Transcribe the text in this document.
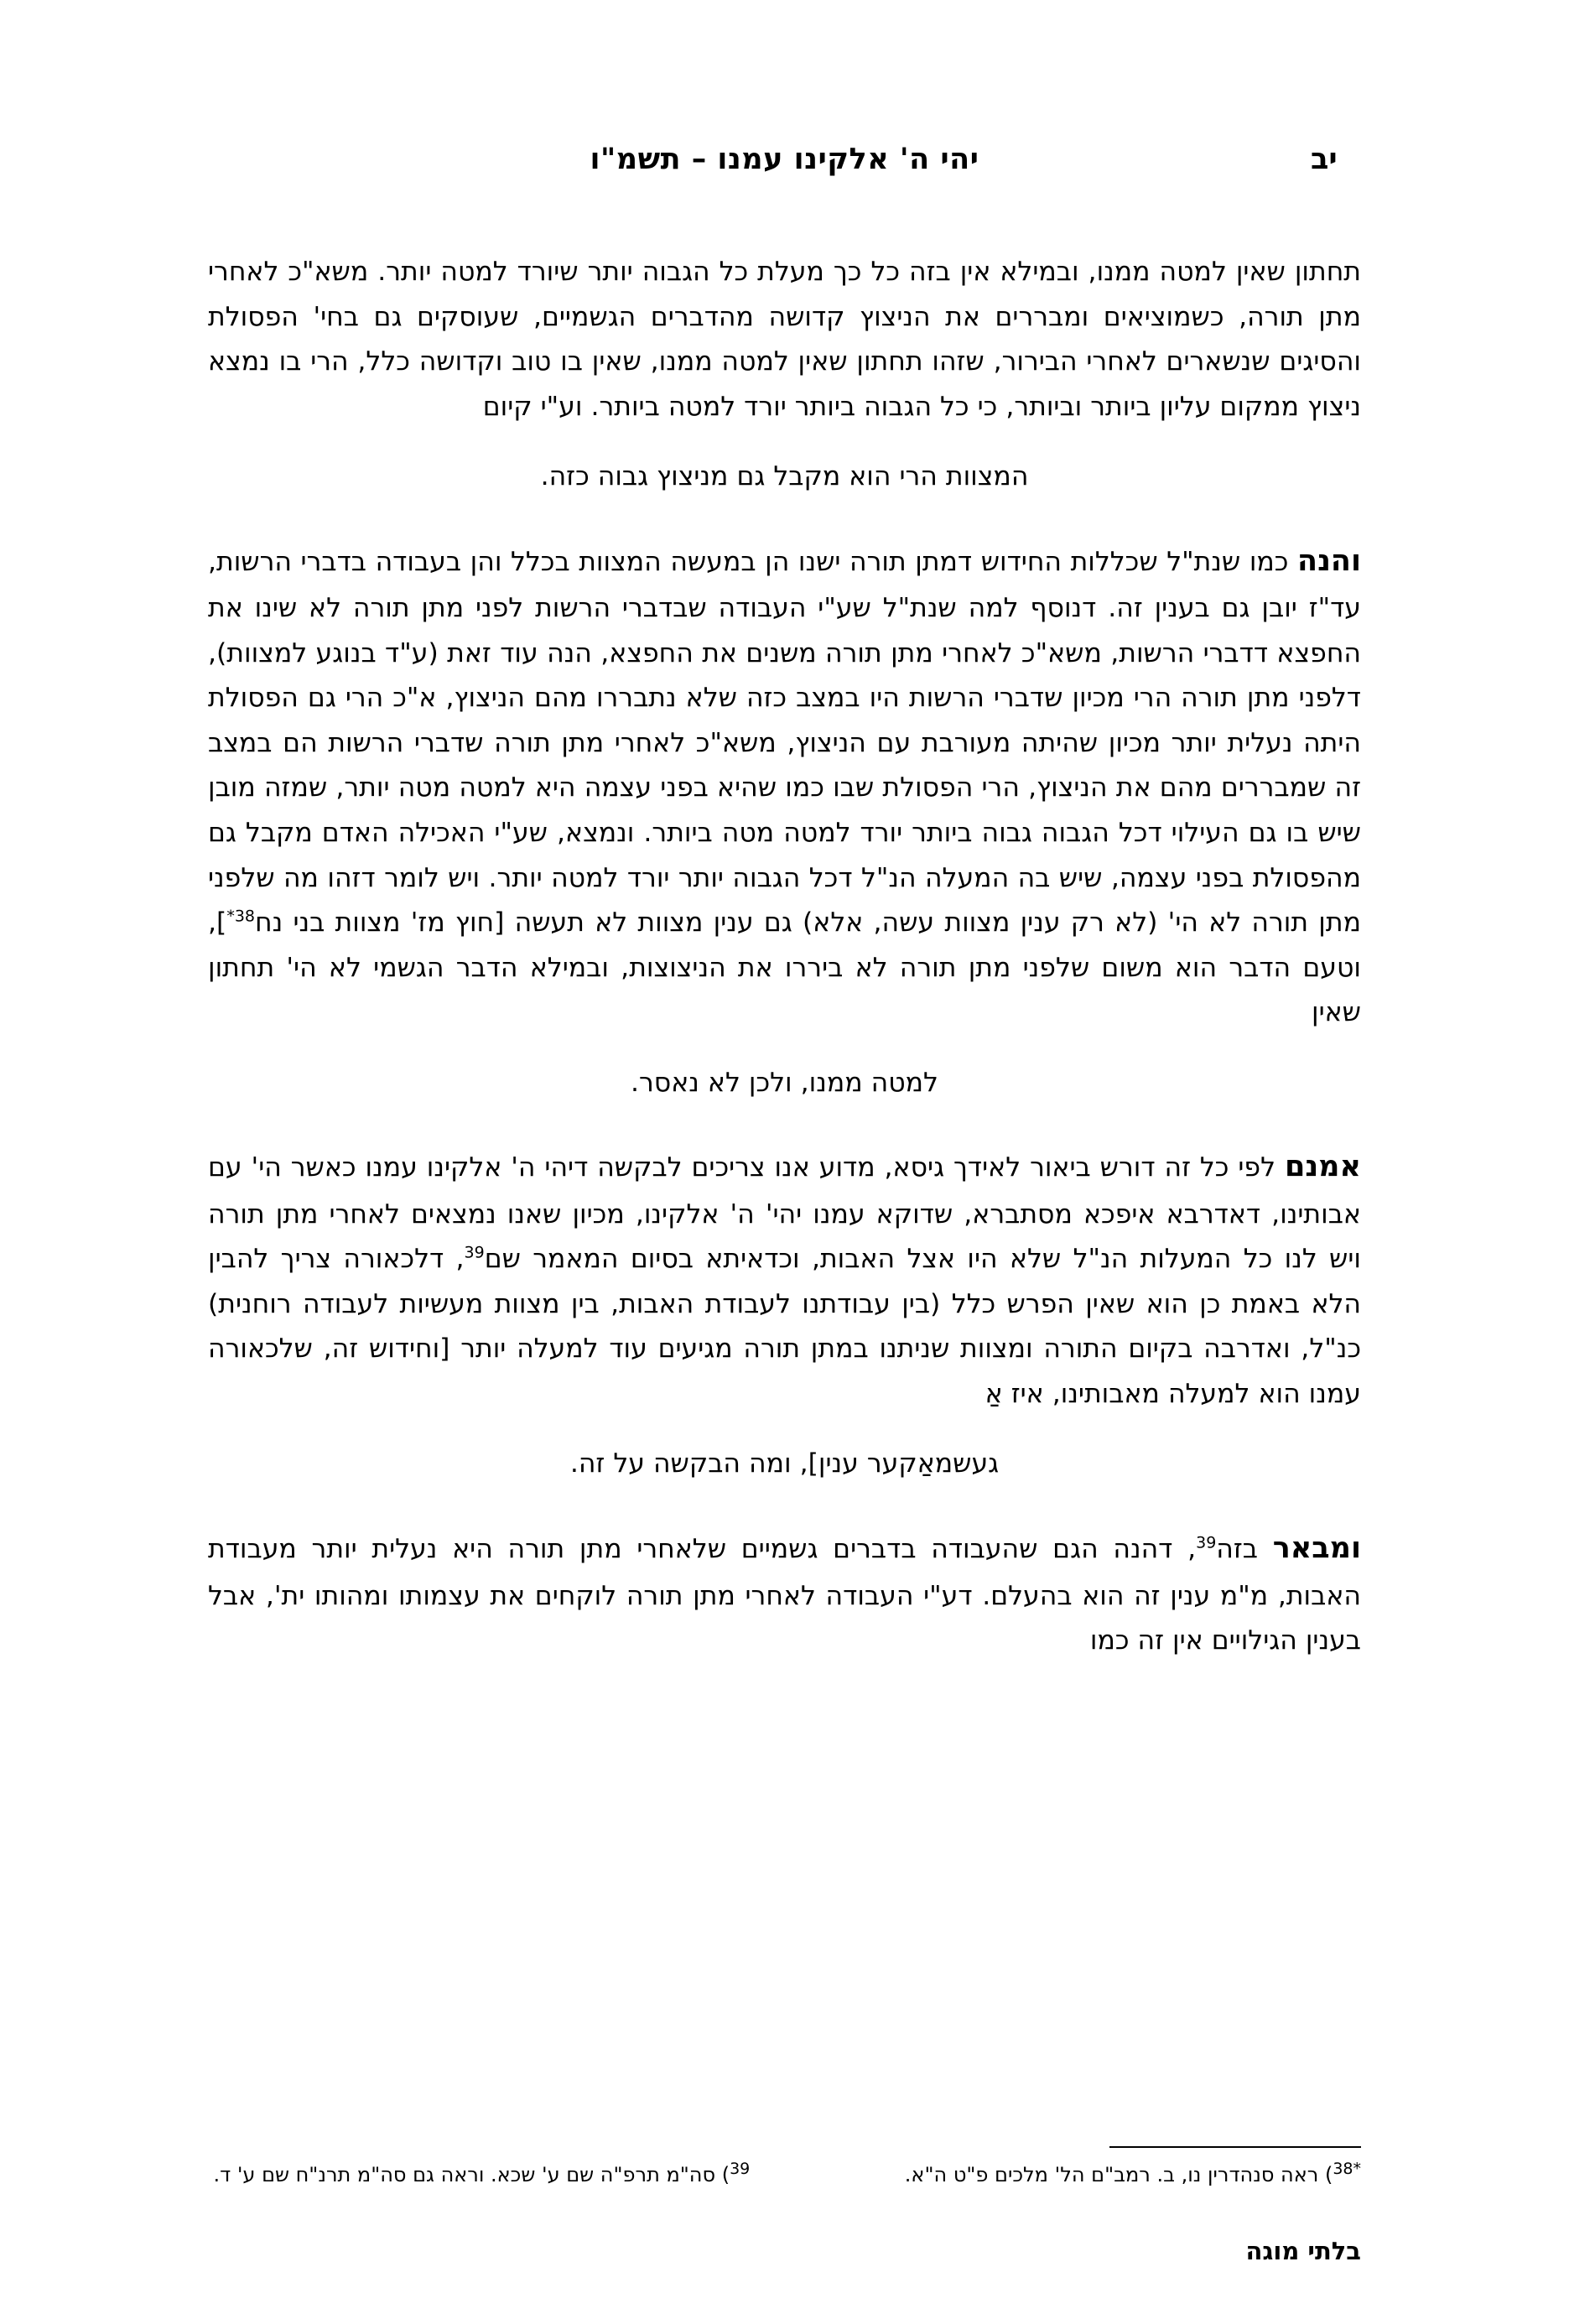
יב
יהי ה' אלקינו עמנו – תשמ"ו

תחתון שאין למטה ממנו, ובמילא אין בזה כל כך מעלת כל הגבוה יותר שיורד למטה יותר. משא"כ לאחרי מתן תורה, כשמוציאים ומבררים את הניצוץ קדושה מהדברים הגשמיים, שעוסקים גם בחי' הפסולת והסיגים שנשארים לאחרי הבירור, שזהו תחתון שאין למטה ממנו, שאין בו טוב וקדושה כלל, הרי בו נמצא ניצוץ ממקום עליון ביותר וביותר, כי כל הגבוה ביותר יורד למטה ביותר. וע"י קיום

המצוות הרי הוא מקבל גם מניצוץ גבוה כזה.

והנה כמו שנת"ל שכללות החידוש דמתן תורה ישנו הן במעשה המצוות בכלל והן בעבודה בדברי הרשות, עד"ז יובן גם בענין זה. דנוסף למה שנת"ל שע"י העבודה שבדברי הרשות לפני מתן תורה לא שינו את החפצא דדברי הרשות, משא"כ לאחרי מתן תורה משנים את החפצא, הנה עוד זאת (ע"ד בנוגע למצוות), דלפני מתן תורה הרי מכיון שדברי הרשות היו במצב כזה שלא נתבררו מהם הניצוץ, א"כ הרי גם הפסולת היתה נעלית יותר מכיון שהיתה מעורבת עם הניצוץ, משא"כ לאחרי מתן תורה שדברי הרשות הם במצב זה שמבררים מהם את הניצוץ, הרי הפסולת שבו כמו שהיא בפני עצמה היא למטה מטה יותר, שמזה מובן שיש בו גם העילוי דכל הגבוה גבוה ביותר יורד למטה מטה ביותר. ונמצא, שע"י האכילה האדם מקבל גם מהפסולת בפני עצמה, שיש בה המעלה הנ"ל דכל הגבוה יותר יורד למטה יותר. ויש לומר דזהו מה שלפני מתן תורה לא הי' (לא רק ענין מצוות עשה, אלא) גם ענין מצוות לא תעשה [חוץ מז' מצוות בני נח$^{38*}$], וטעם הדבר הוא משום שלפני מתן תורה לא ביררו את הניצוצות, ובמילא הדבר הגשמי לא הי' תחתון שאין

למטה ממנו, ולכן לא נאסר.

אמנם לפי כל זה דורש ביאור לאידך גיסא, מדוע אנו צריכים לבקשה דיהי ה' אלקינו עמנו כאשר הי' עם אבותינו, דאדרבא איפכא מסתברא, שדוקא עמנו יהי' ה' אלקינו, מכיון שאנו נמצאים לאחרי מתן תורה ויש לנו כל המעלות הנ"ל שלא היו אצל האבות, וכדאיתא בסיום המאמר שם$^{39}$, דלכאורה צריך להבין הלא באמת כן הוא שאין הפרש כלל (בין עבודתנו לעבודת האבות, בין מצוות מעשיות לעבודה רוחנית) כנ"ל, ואדרבה בקיום התורה ומצוות שניתנו במתן תורה מגיעים עוד למעלה יותר [וחידוש זה, שלכאורה עמנו הוא למעלה מאבותינו, איז אַ

געשמאַקער ענין], ומה הבקשה על זה.

ומבאר בזה$^{39}$, דהנה הגם שהעבודה בדברים גשמיים שלאחרי מתן תורה היא נעלית יותר מעבודת האבות, מ"מ ענין זה הוא בהעלם. דע"י העבודה לאחרי מתן תורה לוקחים את עצמותו ומהותו ית', אבל בענין הגילויים אין זה כמו

$^{*38}$) ראה סנהדרין נו, ב. רמב"ם הל' מלכים פ"ט ה"א.
$^{39}$) סה"מ תרפ"ה שם ע' שכא. וראה גם סה"מ תרנ"ח שם ע' ד.
בלתי מוגה
